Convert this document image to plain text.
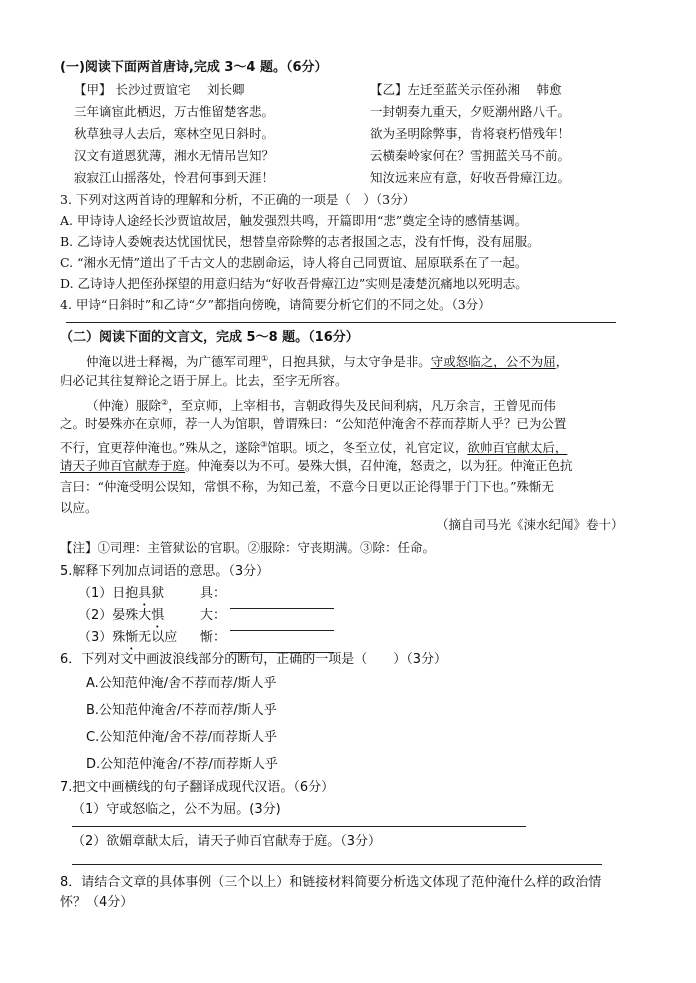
(一)阅读下面两首唐诗,完成 3～4 题。（6分）
【甲】 长沙过贾谊宅　 刘长卿
三年谪宦此栖迟，万古惟留楚客悲。
秋草独寻人去后，寒林空见日斜时。
汉文有道恩犹薄，湘水无情吊岂知？
寂寂江山摇落处，怜君何事到天涯！
【乙】左迁至蓝关示侄孙湘　 韩愈
一封朝奏九重天，夕贬潮州路八千。
欲为圣明除弊事，肯将衰朽惜残年！
云横秦岭家何在？雪拥蓝关马不前。
知汝远来应有意，好收吾骨瘴江边。
3. 下列对这两首诗的理解和分析，不正确的一项是（　）（3分）
A. 甲诗诗人途经长沙贾谊故居，触发强烈共鸣，开篇即用“悲”奠定全诗的感情基调。
B. 乙诗诗人委婉表达忧国忧民，想替皇帝除弊的志者报国之志，没有忏悔，没有屈服。
C. “湘水无情”道出了千古文人的悲剧命运，诗人将自己同贾谊、屈原联系在了一起。
D. 乙诗诗人把侄孙探望的用意归结为“好收吾骨瘴江边”实则是凄楚沉痛地以死明志。
4. 甲诗“日斜时”和乙诗“夕”都指向傍晚，请简要分析它们的不同之处。（3分）
（二）阅读下面的文言文，完成 5～8 题。（16分）
仲淹以进士释褐，为广德军司理①，日抱具狱，与太守争是非。守或怒临之，公不为屈，
归必记其往复辩论之语于屏上。比去，至字无所容。
（仲淹）服除②，至京师，上宰相书，言朝政得失及民间利病，凡万余言，王曾见而伟
之。时晏殊亦在京师，荐一人为馆职，曾谓殊曰：“公知范仲淹舍不荐而荐斯人乎？已为公置
不行，宜更荐仲淹也。”殊从之，遂除③馆职。顷之，冬至立仗，礼官定议，欲帅百官献太后，
请天子帅百官献寿于庭。仲淹奏以为不可。晏殊大惧，召仲淹，怒责之，以为狂。仲淹正色抗
言曰：“仲淹受明公误知，常惧不称，为知己羞，不意今日更以正论得罪于门下也。”殊惭无
以应。
（摘自司马光《涑水纪闻》卷十）
【注】①司理：主管狱讼的官职。②服除：守丧期满。③除：任命。
5.解释下列加点词语的意思。（3分）
（1）日抱具狱	具：
（2）晏殊大惧	大：
（3）殊惭无以应 惭：
6．下列对文中画波浪线部分的断句，正确的一项是（　　）（3分）
A.公知范仲淹/舍不荐而荐/斯人乎
B.公知范仲淹舍/不荐而荐/斯人乎
C.公知范仲淹/舍不荐/而荐斯人乎
D.公知范仲淹舍/不荐/而荐斯人乎
7.把文中画横线的句子翻译成现代汉语。（6分）
（1）守或怒临之，公不为屈。(3分)
（2）欲媚章献太后，请天子帅百官献寿于庭。（3分）
8．请结合文章的具体事例（三个以上）和链接材料简要分析选文体现了范仲淹什么样的政治情
怀？（4分）
